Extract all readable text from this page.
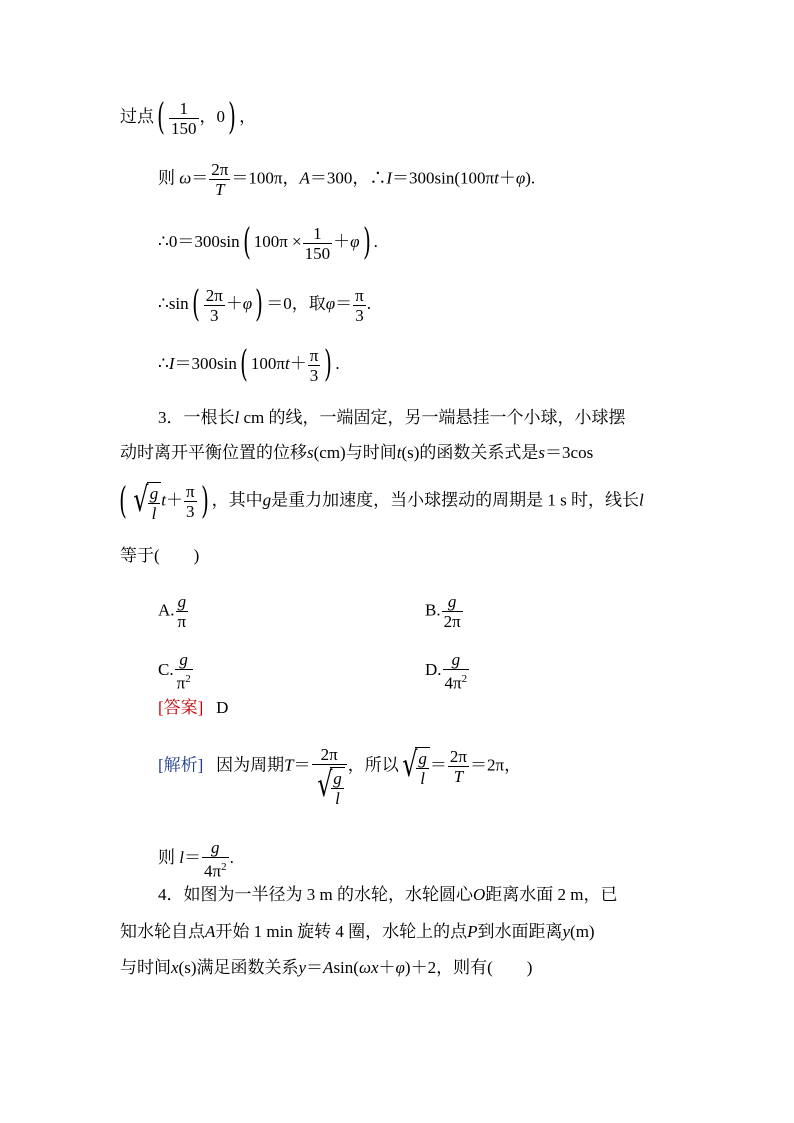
过点( $\frac{1}{150}$ ，0) ，
则 $\omega= \frac{2\pi}{T} =100\pi$，A＝300，∴I＝300sin(100πt＋φ).
∴0＝300sin( $100\pi \times \frac{1}{150} +\varphi$) .
∴sin( $\frac{2\pi}{3} +\varphi) =0$，取$\varphi= \frac{\pi}{3}$ .
∴I＝300sin( $100\pi t+ \frac{\pi}{3}$ ) .
3．一根长l cm 的线，一端固定，另一端悬挂一个小球，小球摆
动时离开平衡位置的位移s(cm)与时间t(s)的函数关系式是s＝3cos
( √ $\frac{g}{l} t+ \frac{\pi}{3}$ ) ，其中g是重力加速度，当小球摆动的周期是 1 s 时，线长l
等于(　　)
A. $\frac{g}{\pi}$	B. $\frac{g}{2\pi}$
C. $\frac{g}{\pi^2}$	D. $\frac{g}{4\pi^2}$
[答案] D
[解析] 因为周期$T= \frac{2\pi}{√ \frac{g}{l}}$ ，所以 √ $\frac{g}{l} = \frac{2\pi}{T} =2\pi$，
则 $l= \frac{g}{4\pi^2}$ .
4．如图为一半径为 3 m 的水轮，水轮圆心O距离水面 2 m，已
知水轮自点A开始 1 min 旋转 4 圈，水轮上的点P到水面距离y(m)
与时间x(s)满足函数关系y＝Asin(ωx＋φ)＋2，则有(　　)
